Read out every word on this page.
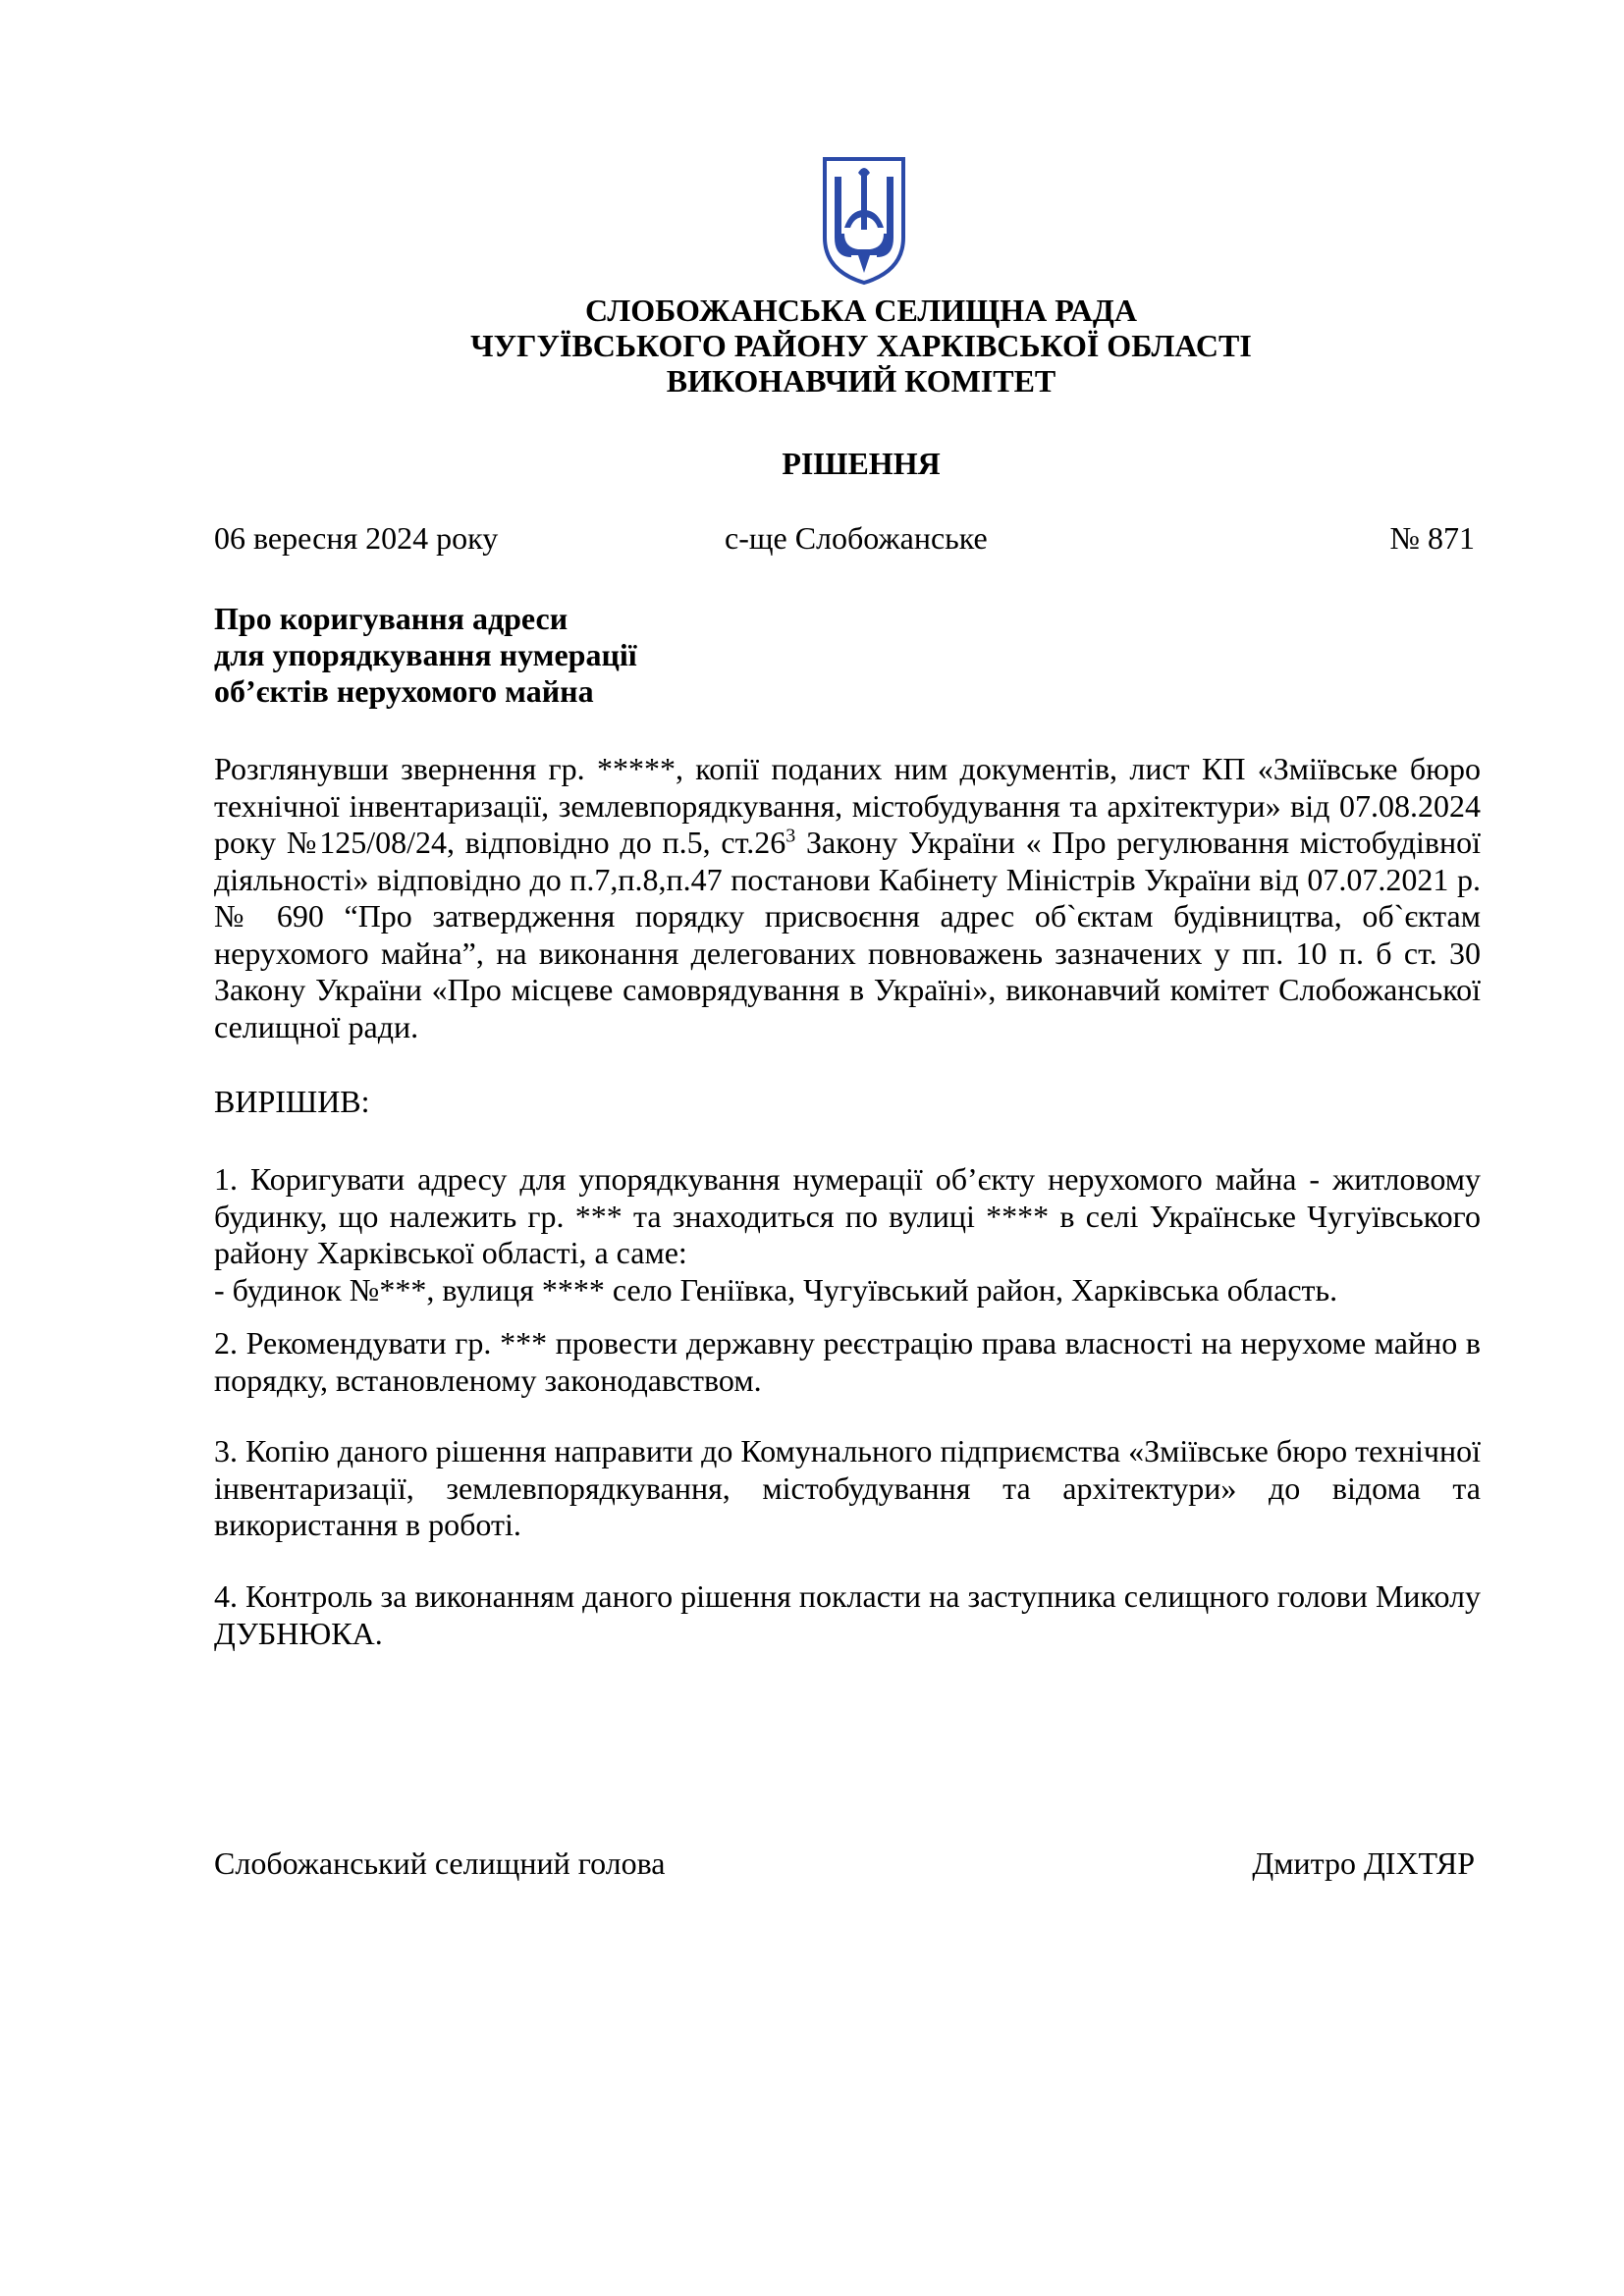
СЛОБОЖАНСЬКА СЕЛИЩНА РАДА
ЧУГУЇВСЬКОГО РАЙОНУ ХАРКІВСЬКОЇ ОБЛАСТІ
ВИКОНАВЧИЙ КОМІТЕТ
РІШЕННЯ
06 вересня 2024 року	с-ще Слобожанське	№ 871
Про коригування адреси
для упорядкування нумерації
об’єктів нерухомого майна
Розглянувши звернення гр. *****, копії поданих ним документів, лист КП «Зміївське бюро технічної інвентаризації, землевпорядкування, містобудування та архітектури» від 07.08.2024 року №125/08/24, відповідно до п.5, $ст.26^3$ Закону України « Про регулювання містобудівної діяльності» відповідно до п.7,п.8,п.47 постанови Кабінету Міністрів України від 07.07.2021 р. № 690 “Про затвердження порядку присвоєння адрес об`єктам будівництва, об`єктам нерухомого майна”, на виконання делегованих повноважень зазначених у пп. 10 п. б ст. 30 Закону України «Про місцеве самоврядування в Україні», виконавчий комітет Слобожанської селищної ради.
ВИРІШИВ:
1. Коригувати адресу для упорядкування нумерації об’єкту нерухомого майна - житловому будинку, що належить гр. *** та знаходиться по вулиці **** в селі Українське Чугуївського району Харківської області, а саме:
- будинок №***, вулиця **** село Геніївка, Чугуївський район, Харківська область.
2. Рекомендувати гр. *** провести державну реєстрацію права власності на нерухоме майно в порядку, встановленому законодавством.
3. Копію даного рішення направити до Комунального підприємства «Зміївське бюро технічної інвентаризації, землевпорядкування, містобудування та архітектури» до відома та використання в роботі.
4. Контроль за виконанням даного рішення покласти на заступника селищного голови Миколу ДУБНЮКА.
Слобожанський селищний голова	Дмитро ДІХТЯР
